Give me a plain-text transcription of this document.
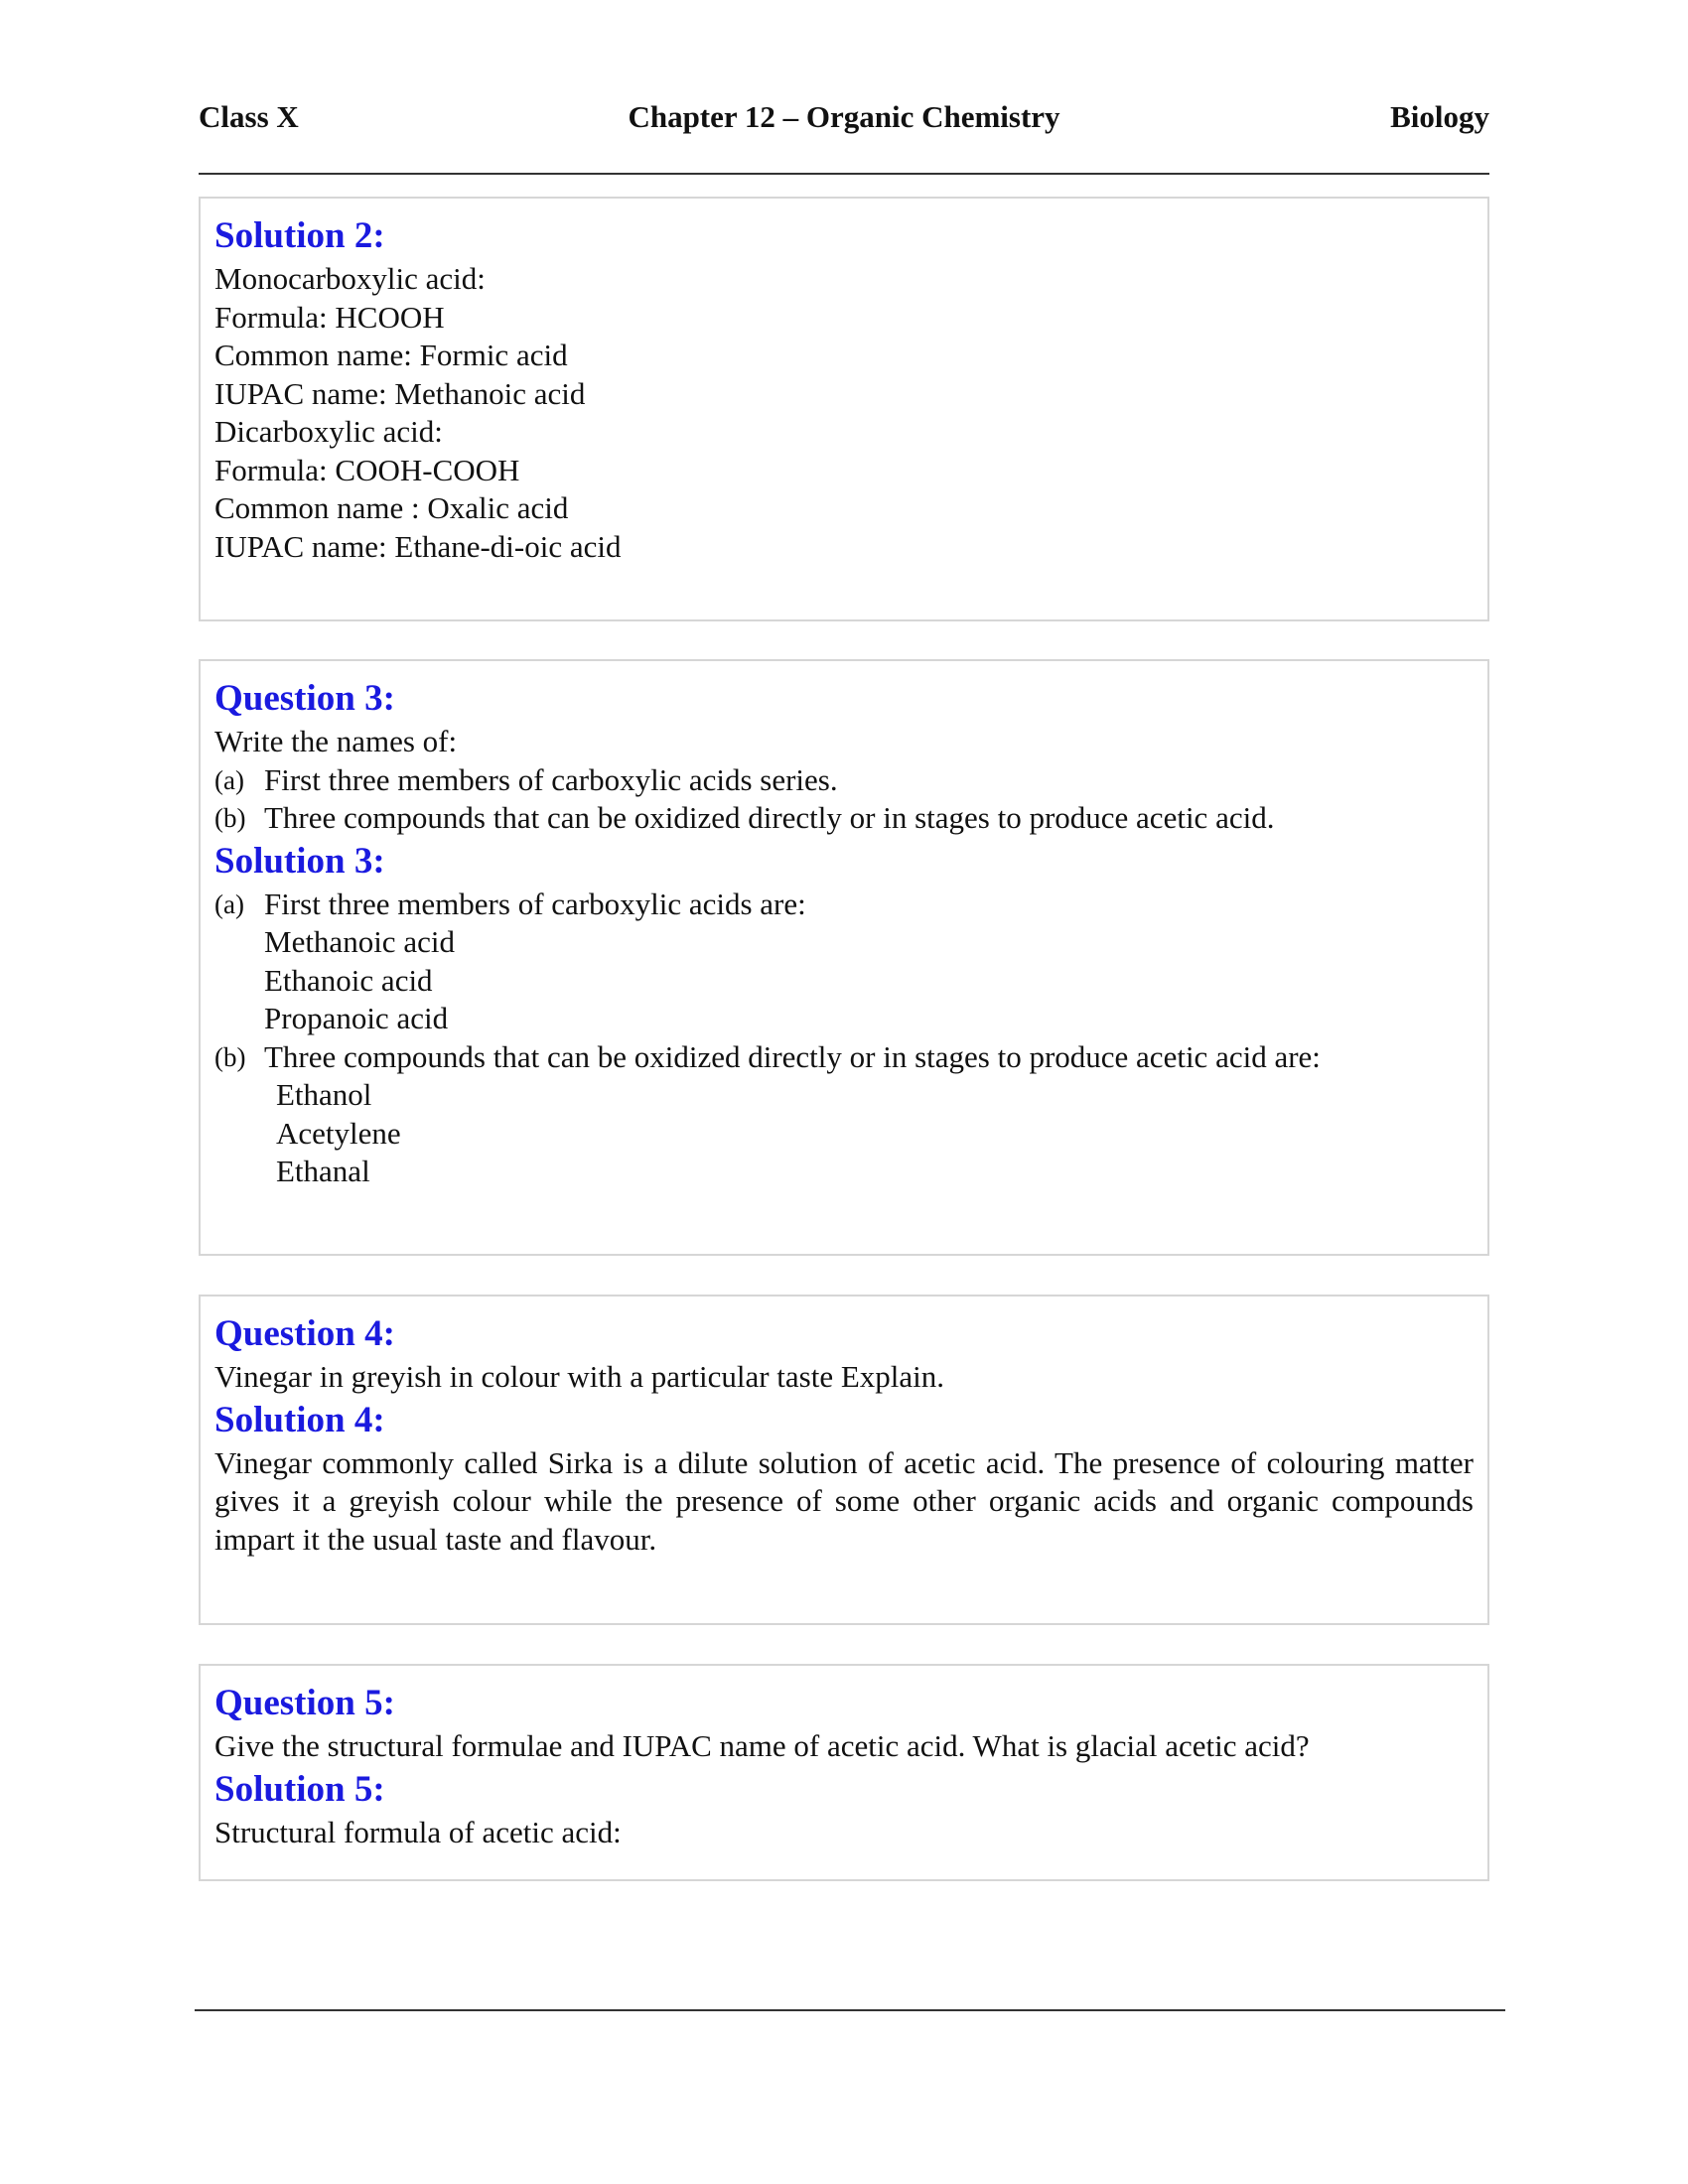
Chapter 12 – Organic Chemistry
Class X	Biology
Solution 2:

Monocarboxylic acid:

Formula: HCOOH

Common name: Formic acid

IUPAC name: Methanoic acid

Dicarboxylic acid:

Formula: COOH-COOH

Common name : Oxalic acid

IUPAC name: Ethane-di-oic acid

Question 3:

Write the names of:

(a) First three members of carboxylic acids series.
(b) Three compounds that can be oxidized directly or in stages to produce acetic acid.
Solution 3:
(a) First three members of carboxylic acids are:
Methanoic acid
Ethanoic acid
Propanoic acid
(b) Three compounds that can be oxidized directly or in stages to produce acetic acid are:
Ethanol
Acetylene
Ethanal
Question 4:

Vinegar in greyish in colour with a particular taste Explain.

Solution 4:

Vinegar commonly called Sirka is a dilute solution of acetic acid. The presence of colouring matter gives it a greyish colour while the presence of some other organic acids and organic compounds impart it the usual taste and flavour.

Question 5:

Give the structural formulae and IUPAC name of acetic acid. What is glacial acetic acid?

Solution 5:

Structural formula of acetic acid:
